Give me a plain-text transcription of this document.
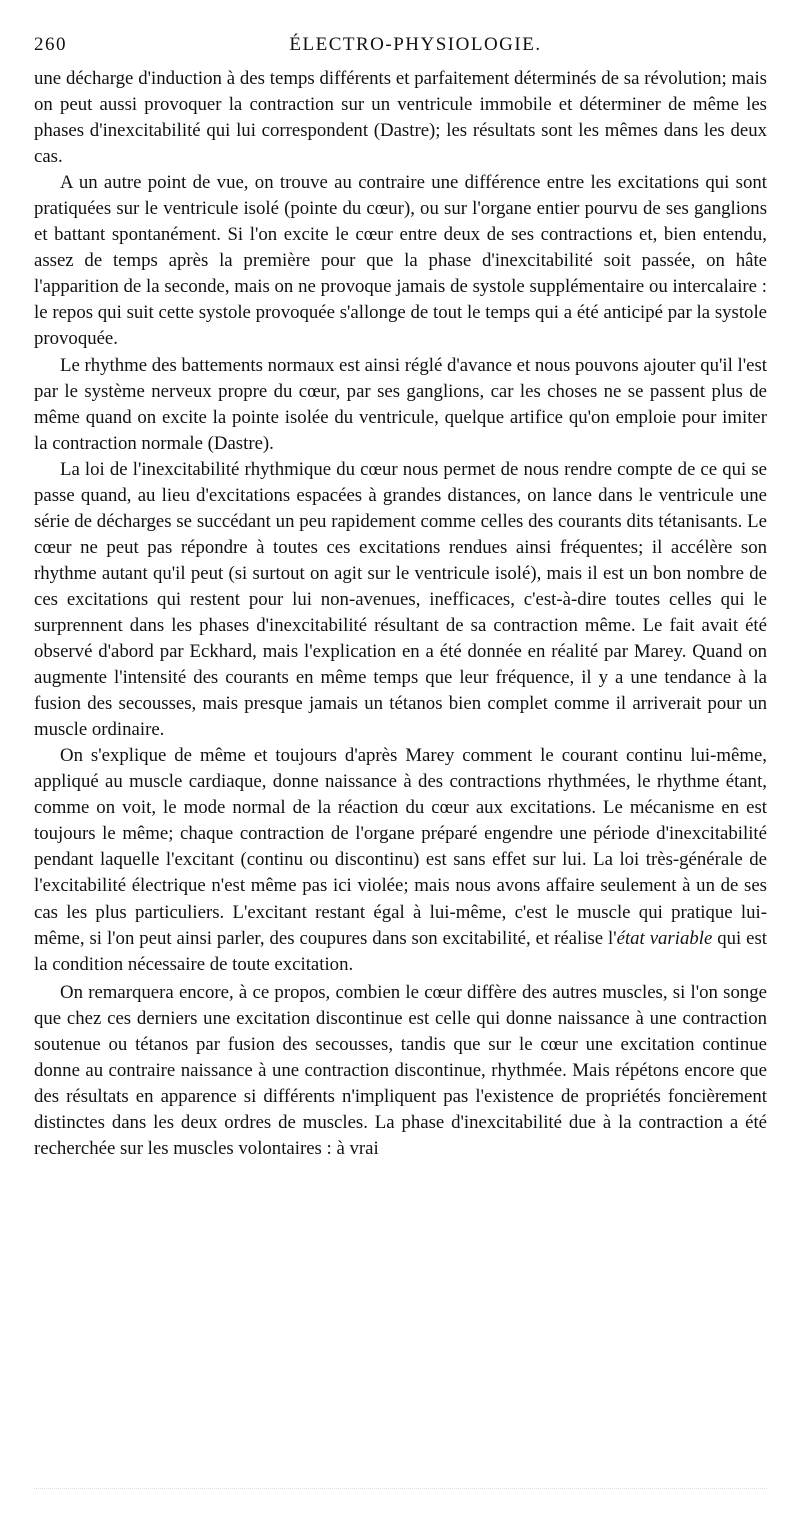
260	ÉLECTRO-PHYSIOLOGIE.

une décharge d'induction à des temps différents et parfaitement déterminés de sa révolution; mais on peut aussi provoquer la contraction sur un ventricule immobile et déterminer de même les phases d'inexcitabilité qui lui correspondent (Dastre); les résultats sont les mêmes dans les deux cas.

A un autre point de vue, on trouve au contraire une différence entre les excitations qui sont pratiquées sur le ventricule isolé (pointe du cœur), ou sur l'organe entier pourvu de ses ganglions et battant spontanément. Si l'on excite le cœur entre deux de ses contractions et, bien entendu, assez de temps après la première pour que la phase d'inexcitabilité soit passée, on hâte l'apparition de la seconde, mais on ne provoque jamais de systole supplémentaire ou intercalaire : le repos qui suit cette systole provoquée s'allonge de tout le temps qui a été anticipé par la systole provoquée.

Le rhythme des battements normaux est ainsi réglé d'avance et nous pouvons ajouter qu'il l'est par le système nerveux propre du cœur, par ses ganglions, car les choses ne se passent plus de même quand on excite la pointe isolée du ventricule, quelque artifice qu'on emploie pour imiter la contraction normale (Dastre).

La loi de l'inexcitabilité rhythmique du cœur nous permet de nous rendre compte de ce qui se passe quand, au lieu d'excitations espacées à grandes distances, on lance dans le ventricule une série de décharges se succédant un peu rapidement comme celles des courants dits tétanisants. Le cœur ne peut pas répondre à toutes ces excitations rendues ainsi fréquentes; il accélère son rhythme autant qu'il peut (si surtout on agit sur le ventricule isolé), mais il est un bon nombre de ces excitations qui restent pour lui non-avenues, inefficaces, c'est-à-dire toutes celles qui le surprennent dans les phases d'inexcitabilité résultant de sa contraction même. Le fait avait été observé d'abord par Eckhard, mais l'explication en a été donnée en réalité par Marey. Quand on augmente l'intensité des courants en même temps que leur fréquence, il y a une tendance à la fusion des secousses, mais presque jamais un tétanos bien complet comme il arriverait pour un muscle ordinaire.

On s'explique de même et toujours d'après Marey comment le courant continu lui-même, appliqué au muscle cardiaque, donne naissance à des contractions rhythmées, le rhythme étant, comme on voit, le mode normal de la réaction du cœur aux excitations. Le mécanisme en est toujours le même; chaque contraction de l'organe préparé engendre une période d'inexcitabilité pendant laquelle l'excitant (continu ou discontinu) est sans effet sur lui. La loi très-générale de l'excitabilité électrique n'est même pas ici violée; mais nous avons affaire seulement à un de ses cas les plus particuliers. L'excitant restant égal à lui-même, c'est le muscle qui pratique lui-même, si l'on peut ainsi parler, des coupures dans son excitabilité, et réalise l'état variable qui est la condition nécessaire de toute excitation.

On remarquera encore, à ce propos, combien le cœur diffère des autres muscles, si l'on songe que chez ces derniers une excitation discontinue est celle qui donne naissance à une contraction soutenue ou tétanos par fusion des secousses, tandis que sur le cœur une excitation continue donne au contraire naissance à une contraction discontinue, rhythmée. Mais répétons encore que des résultats en apparence si différents n'impliquent pas l'existence de propriétés foncièrement distinctes dans les deux ordres de muscles. La phase d'inexcitabilité due à la contraction a été recherchée sur les muscles volontaires : à vrai
